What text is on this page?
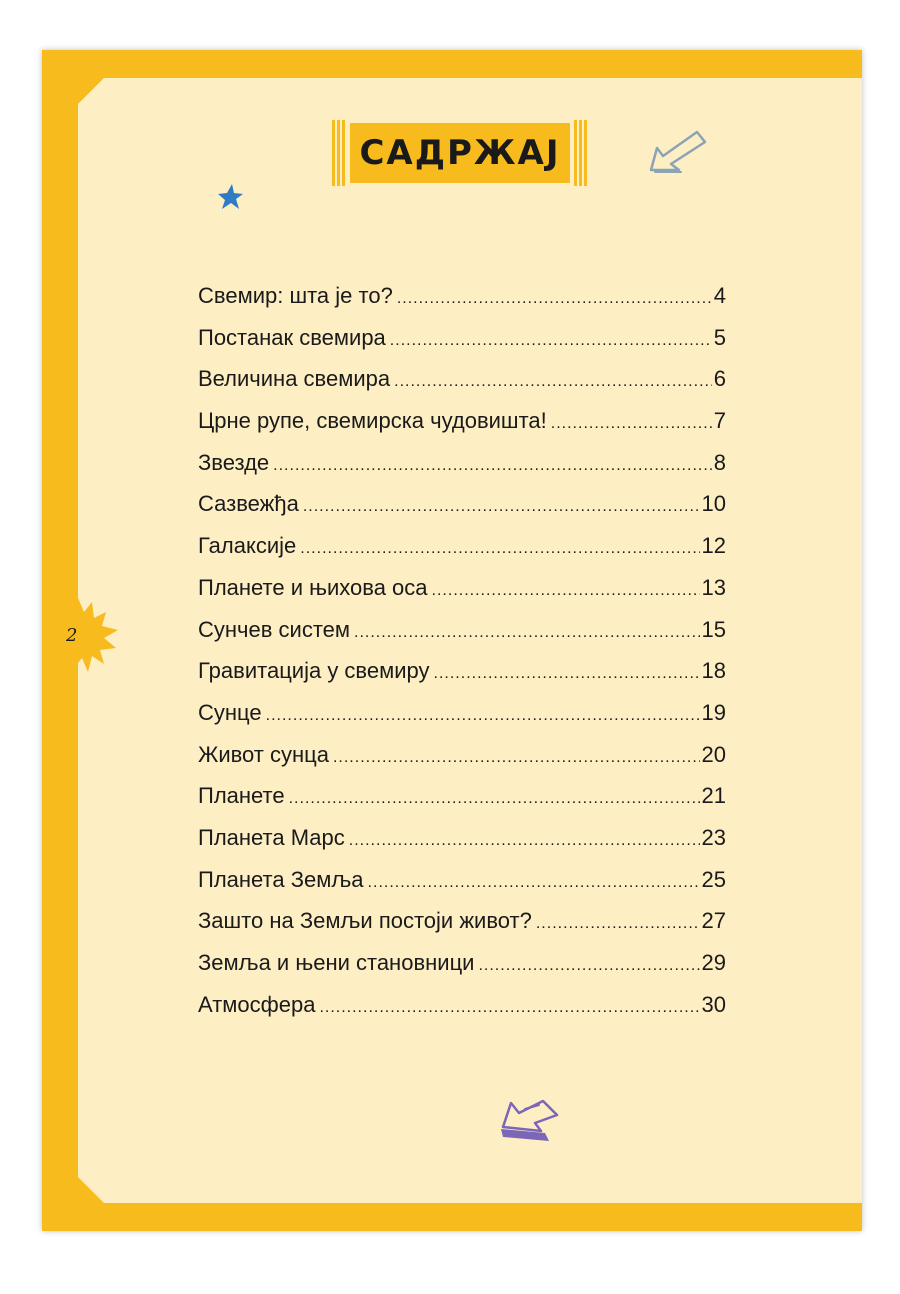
САДРЖАЈ
2
Свемир: шта је то? .....	4
Постанак свемира .....	5
Величина свемира .....	6
Црне рупе, свемирска чудовишта! .....	7
Звезде .....	8
Сазвежђа .....	10
Галаксије .....	12
Планете и њихова оса .....	13
Сунчев систем .....	15
Гравитација у свемиру .....	18
Сунце .....	19
Живот сунца .....	20
Планете .....	21
Планета Марс .....	23
Планета Земља .....	25
Зашто на Земљи постоји живот? .....	27
Земља и њени становници .....	29
Атмосфера .....	30
